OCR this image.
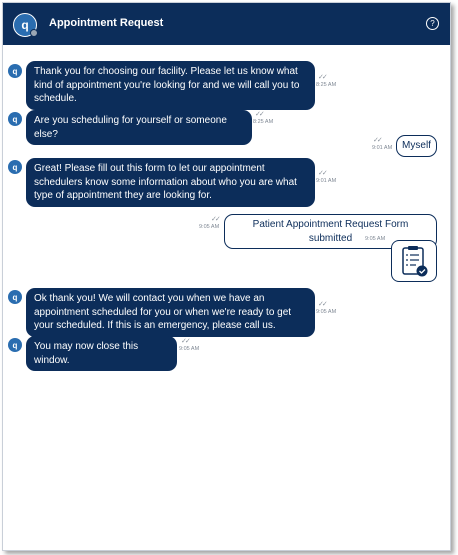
q	Appointment Request	?
q	Thank you for choosing our facility. Please let us know what kind of appointment you're looking for and we will call you to schedule.
✓✓
8:25 AM
q	Are you scheduling for yourself or someone else?
✓✓
8:25 AM
✓✓
9:01 AM Myself
q	Great! Please fill out this form to let our appointment schedulers know some information about who you are what type of appointment they are looking for.
✓✓
9:01 AM
✓✓
9:05 AM	Patient Appointment Request Form submitted	9:05 AM
q	Ok thank you! We will contact you when we have an appointment scheduled for you or when we're ready to get your scheduled. If this is an emergency, please call us.
✓✓
9:05 AM
q	You may now close this window.
✓✓
9:05 AM
